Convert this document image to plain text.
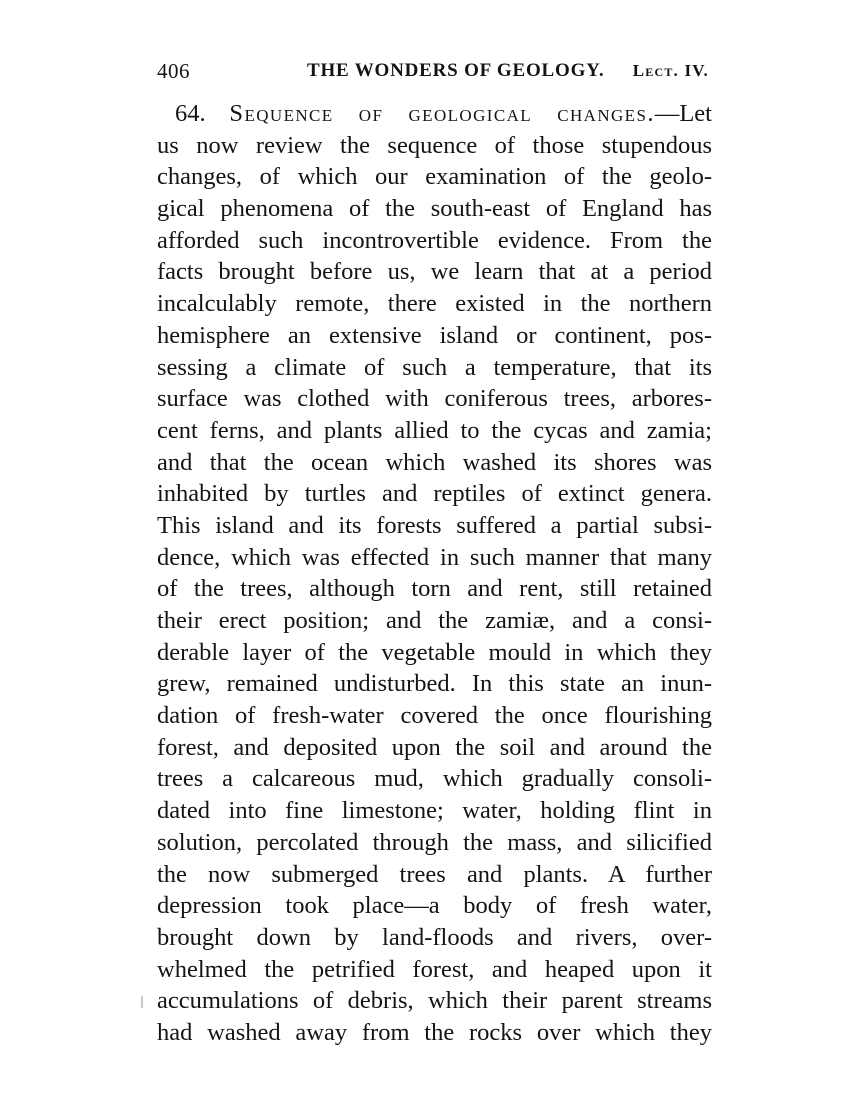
406	THE WONDERS OF GEOLOGY. Lect. IV.
64. Sequence of geological changes.—Let
us now review the sequence of those stupendous
changes, of which our examination of the geolo-
gical phenomena of the south-east of England has
afforded such incontrovertible evidence. From the
facts brought before us, we learn that at a period
incalculably remote, there existed in the northern
hemisphere an extensive island or continent, pos-
sessing a climate of such a temperature, that its
surface was clothed with coniferous trees, arbores-
cent ferns, and plants allied to the cycas and zamia;
and that the ocean which washed its shores was
inhabited by turtles and reptiles of extinct genera.
This island and its forests suffered a partial subsi-
dence, which was effected in such manner that many
of the trees, although torn and rent, still retained
their erect position; and the zamiæ, and a consi-
derable layer of the vegetable mould in which they
grew, remained undisturbed. In this state an inun-
dation of fresh-water covered the once flourishing
forest, and deposited upon the soil and around the
trees a calcareous mud, which gradually consoli-
dated into fine limestone; water, holding flint in
solution, percolated through the mass, and silicified
the now submerged trees and plants. A further
depression took place—a body of fresh water,
brought down by land-floods and rivers, over-
whelmed the petrified forest, and heaped upon it
accumulations of debris, which their parent streams
had washed away from the rocks over which they
